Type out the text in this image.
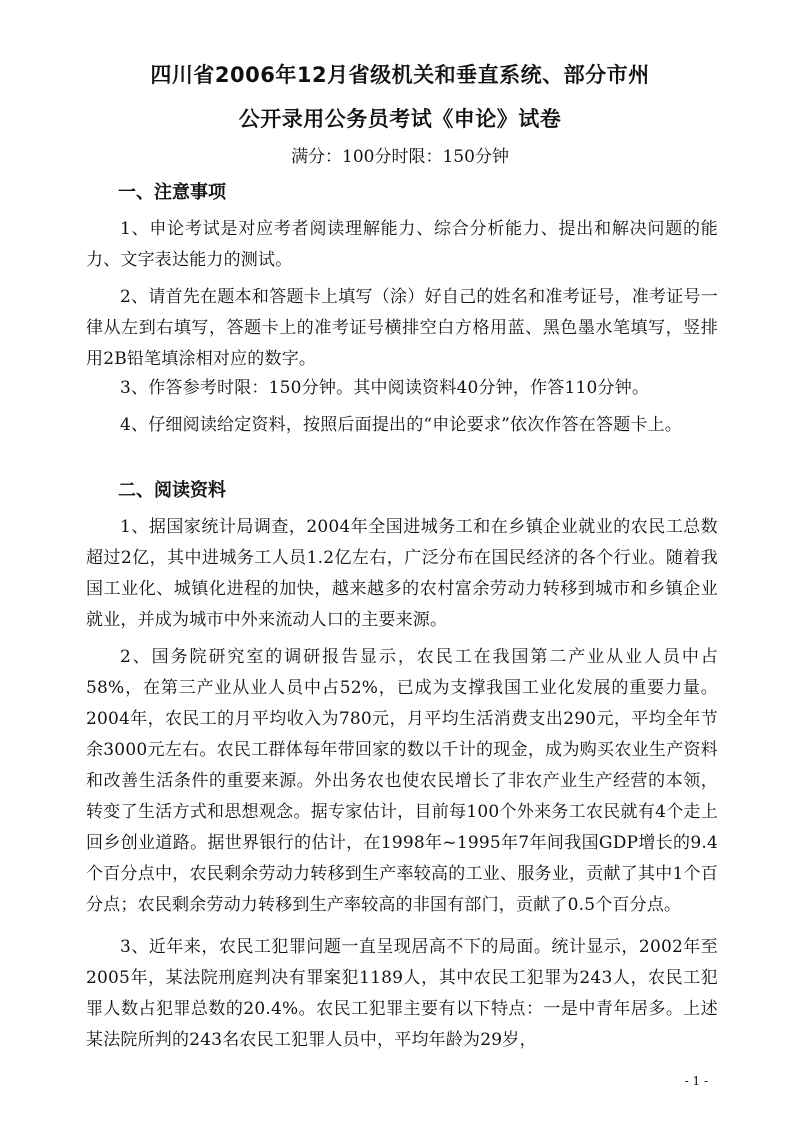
四川省2006年12月省级机关和垂直系统、部分市州
公开录用公务员考试《申论》试卷
满分：100分时限：150分钟
一、注意事项
1、申论考试是对应考者阅读理解能力、综合分析能力、提出和解决问题的能力、文字表达能力的测试。
2、请首先在题本和答题卡上填写（涂）好自己的姓名和准考证号，准考证号一律从左到右填写，答题卡上的准考证号横排空白方格用蓝、黑色墨水笔填写，竖排用2B铅笔填涂相对应的数字。
3、作答参考时限：150分钟。其中阅读资料40分钟，作答110分钟。
4、仔细阅读给定资料，按照后面提出的“申论要求”依次作答在答题卡上。
二、阅读资料
1、据国家统计局调查，2004年全国进城务工和在乡镇企业就业的农民工总数超过2亿，其中进城务工人员1.2亿左右，广泛分布在国民经济的各个行业。随着我国工业化、城镇化进程的加快，越来越多的农村富余劳动力转移到城市和乡镇企业就业，并成为城市中外来流动人口的主要来源。
2、国务院研究室的调研报告显示，农民工在我国第二产业从业人员中占58%，在第三产业从业人员中占52%，已成为支撑我国工业化发展的重要力量。2004年，农民工的月平均收入为780元，月平均生活消费支出290元，平均全年节余3000元左右。农民工群体每年带回家的数以千计的现金，成为购买农业生产资料和改善生活条件的重要来源。外出务农也使农民增长了非农产业生产经营的本领，转变了生活方式和思想观念。据专家估计，目前每100个外来务工农民就有4个走上回乡创业道路。据世界银行的估计，在1998年~1995年7年间我国GDP增长的9.4个百分点中，农民剩余劳动力转移到生产率较高的工业、服务业，贡献了其中1个百分点；农民剩余劳动力转移到生产率较高的非国有部门，贡献了0.5个百分点。
3、近年来，农民工犯罪问题一直呈现居高不下的局面。统计显示，2002年至2005年，某法院刑庭判决有罪案犯1189人，其中农民工犯罪为243人，农民工犯罪人数占犯罪总数的20.4%。农民工犯罪主要有以下特点：一是中青年居多。上述某法院所判的243名农民工犯罪人员中，平均年龄为29岁，
- 1 -
